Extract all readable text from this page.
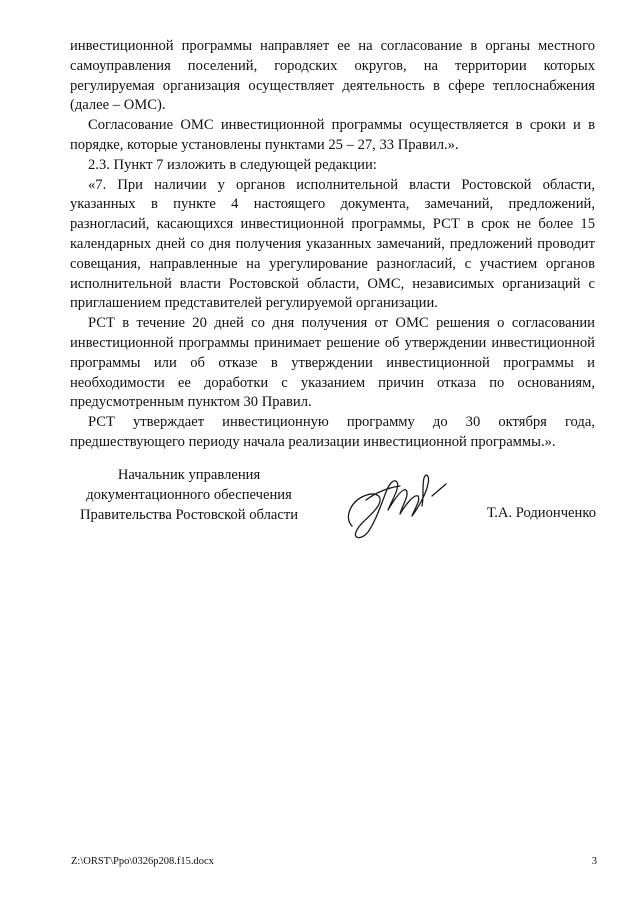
инвестиционной программы направляет ее на согласование в органы местного самоуправления поселений, городских округов, на территории которых регулируемая организация осуществляет деятельность в сфере теплоснабжения (далее – ОМС).

Согласование ОМС инвестиционной программы осуществляется в сроки и в порядке, которые установлены пунктами 25 – 27, 33 Правил.».

2.3. Пункт 7 изложить в следующей редакции:

«7. При наличии у органов исполнительной власти Ростовской области, указанных в пункте 4 настоящего документа, замечаний, предложений, разногласий, касающихся инвестиционной программы, РСТ в срок не более 15 календарных дней со дня получения указанных замечаний, предложений проводит совещания, направленные на урегулирование разногласий, с участием органов исполнительной власти Ростовской области, ОМС, независимых организаций с приглашением представителей регулируемой организации.

РСТ в течение 20 дней со дня получения от ОМС решения о согласовании инвестиционной программы принимает решение об утверждении инвестиционной программы или об отказе в утверждении инвестиционной программы и необходимости ее доработки с указанием причин отказа по основаниям, предусмотренным пунктом 30 Правил.

РСТ утверждает инвестиционную программу до 30 октября года, предшествующего периоду начала реализации инвестиционной программы.».

Начальник управления
документационного обеспечения
Правительства Ростовской области	Т.А. Родионченко
Z:\ORST\Ppo\0326p208.f15.docx	3
